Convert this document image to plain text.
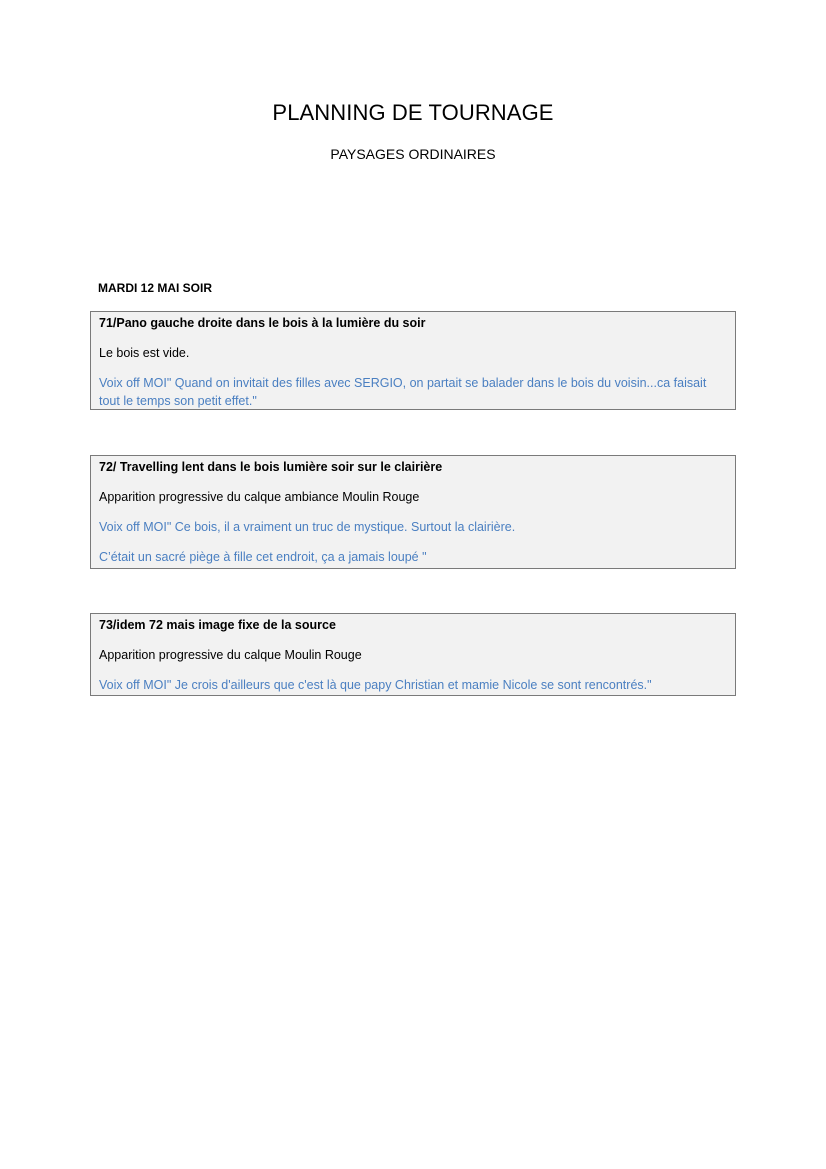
PLANNING DE TOURNAGE
PAYSAGES ORDINAIRES
MARDI 12 MAI SOIR
71/Pano gauche droite dans le bois à la lumière du soir
Le bois est vide.
Voix off MOI" Quand on invitait des filles avec SERGIO, on partait se balader dans le bois du voisin...ca faisait tout le temps son petit effet."
72/ Travelling lent dans le bois lumière soir sur le clairière
Apparition progressive du calque ambiance Moulin Rouge
Voix off MOI" Ce bois, il a vraiment un truc de mystique. Surtout la clairière.
C’était un sacré piège à fille cet endroit, ça a jamais loupé "
73/idem 72 mais image fixe de la source
Apparition progressive du calque Moulin Rouge
Voix off MOI" Je crois d'ailleurs que c'est là que papy Christian et mamie Nicole se sont rencontrés."
